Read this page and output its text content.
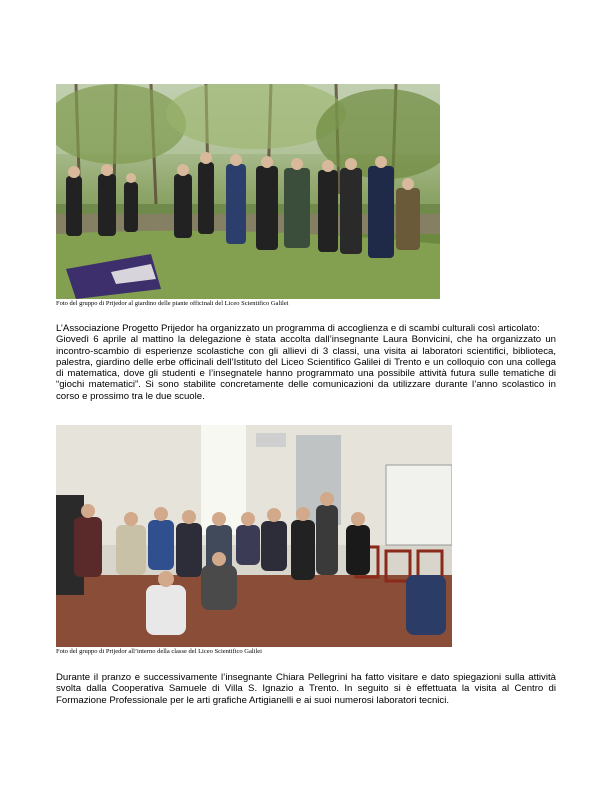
Foto del gruppo di Prijedor al giardino delle piante officinali del Liceo Scientifico Galilei

L’Associazione Progetto Prijedor ha organizzato un programma di accoglienza e di scambi culturali così articolato:
Giovedì 6 aprile al mattino la delegazione è stata accolta dall’insegnante Laura Bonvicini, che ha organizzato un incontro-scambio di esperienze scolastiche con gli allievi di 3 classi, una visita ai laboratori scientifici, biblioteca, palestra, giardino delle erbe officinali dell’Istituto del Liceo Scientifico Galilei di Trento e un colloquio con una collega di matematica, dove gli studenti e l’insegnatele hanno programmato una possibile attività futura sulle tematiche di “giochi matematici”. Si sono stabilite concretamente delle comunicazioni da utilizzare durante l’anno scolastico in corso e prossimo tra le due scuole.

Foto del gruppo di Prijedor all’interno della classe del Liceo Scientifico Galilei

Durante il pranzo e successivamente l’insegnante Chiara Pellegrini ha fatto visitare e dato spiegazioni sulla attività svolta dalla Cooperativa Samuele di Villa S. Ignazio a Trento. In seguito si è effettuata la visita al Centro di Formazione Professionale per le arti grafiche Artigianelli e ai suoi numerosi laboratori tecnici.
